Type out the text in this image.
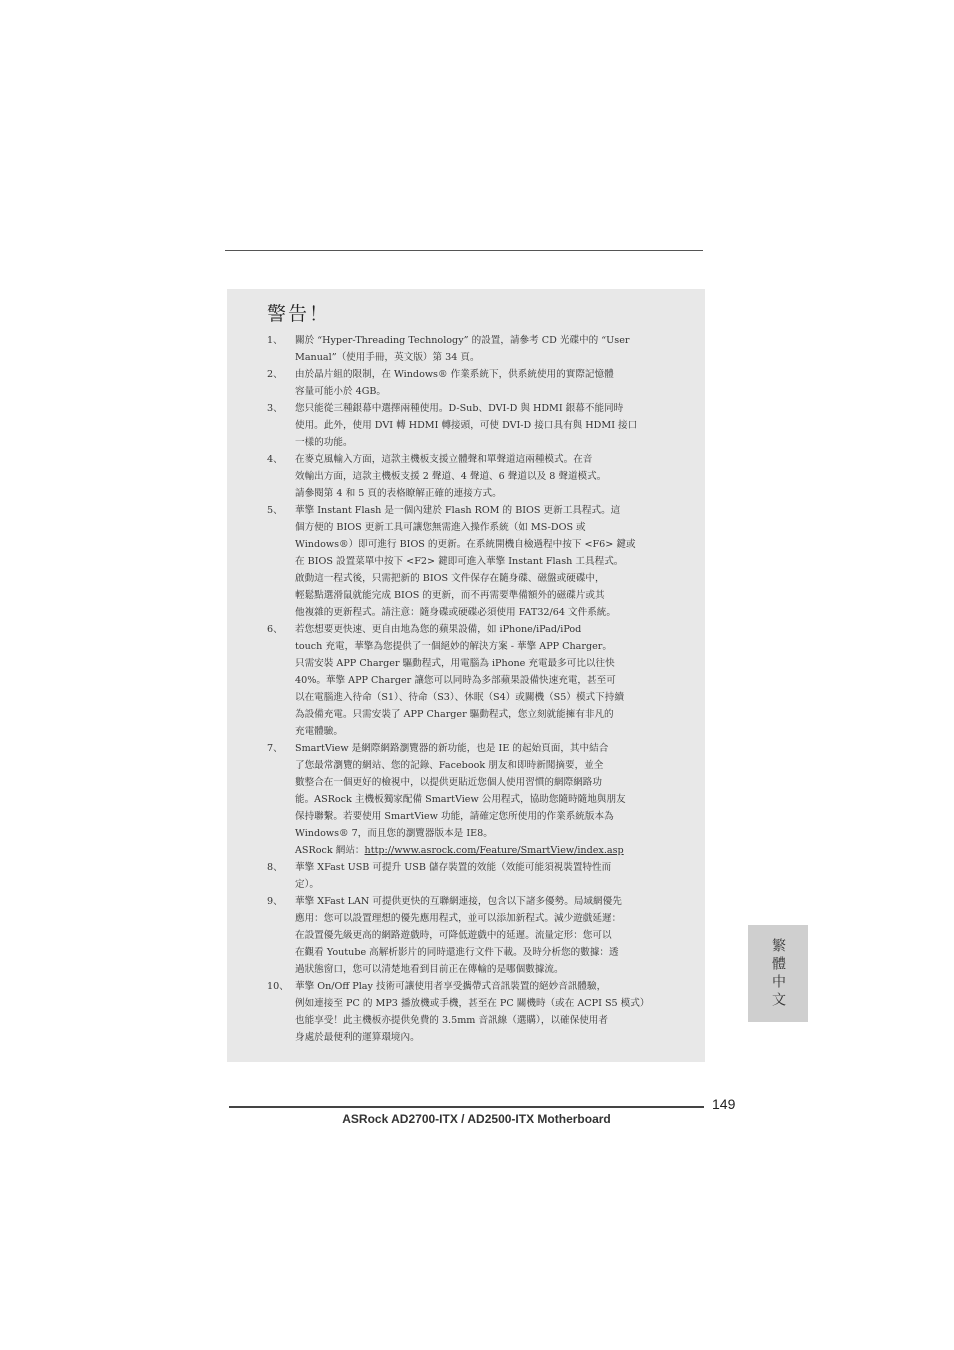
警告！
1、 關於 “Hyper-Threading Technology” 的設置，請參考 CD 光碟中的 “User
Manual”（使用手冊，英文版）第 34 頁。
2、 由於晶片組的限制，在 Windows® 作業系統下，供系統使用的實際記憶體
容量可能小於 4GB。
3、 您只能從三種銀幕中選擇兩種使用。D-Sub、DVI-D 與 HDMI 銀幕不能同時
使用。此外，使用 DVI 轉 HDMI 轉接頭，可使 DVI-D 接口具有與 HDMI 接口
一樣的功能。
4、 在麥克風輸入方面，這款主機板支援立體聲和單聲道這兩種模式。在音
效輸出方面，這款主機板支援 2 聲道、4 聲道、6 聲道以及 8 聲道模式。
請參閱第 4 和 5 頁的表格瞭解正確的連接方式。
5、 華擎 Instant Flash 是一個內建於 Flash ROM 的 BIOS 更新工具程式。這
個方便的 BIOS 更新工具可讓您無需進入操作系統（如 MS-DOS 或
Windows®）即可進行 BIOS 的更新。在系統開機自檢過程中按下 <F6> 鍵或
在 BIOS 設置菜單中按下 <F2> 鍵即可進入華擎 Instant Flash 工具程式。
啟動這一程式後，只需把新的 BIOS 文件保存在隨身碟、磁盤或硬碟中，
輕鬆點選滑鼠就能完成 BIOS 的更新，而不再需要準備額外的磁碟片或其
他複雜的更新程式。請注意：隨身碟或硬碟必須使用 FAT32/64 文件系統。
6、 若您想要更快速、更自由地為您的蘋果設備，如 iPhone/iPad/iPod
touch 充電，華擎為您提供了一個絕妙的解決方案 - 華擎 APP Charger。
只需安裝 APP Charger 驅動程式，用電腦為 iPhone 充電最多可比以往快
40%。華擎 APP Charger 讓您可以同時為多部蘋果設備快速充電，甚至可
以在電腦進入待命（S1）、待命（S3）、休眠（S4）或關機（S5）模式下持續
為設備充電。只需安裝了 APP Charger 驅動程式，您立刻就能擁有非凡的
充電體驗。
7、 SmartView 是網際網路瀏覽器的新功能，也是 IE 的起始頁面，其中結合
了您最常瀏覽的網站、您的記錄、Facebook 朋友和即時新聞摘要，並全
數整合在一個更好的檢視中，以提供更貼近您個人使用習慣的網際網路功
能。ASRock 主機板獨家配備 SmartView 公用程式，協助您隨時隨地與朋友
保持聯繫。若要使用 SmartView 功能，請確定您所使用的作業系統版本為
Windows® 7，而且您的瀏覽器版本是 IE8。
ASRock 網站：http://www.asrock.com/Feature/SmartView/index.asp
8、 華擎 XFast USB 可提升 USB 儲存裝置的效能（效能可能須視裝置特性而
定）。
9、 華擎 XFast LAN 可提供更快的互聯網連接，包含以下諸多優勢。局域網優先
應用：您可以設置理想的優先應用程式，並可以添加新程式。減少遊戲延遲：
在設置優先級更高的網路遊戲時，可降低遊戲中的延遲。流量定形：您可以
在觀看 Youtube 高解析影片的同時還進行文件下載。及時分析您的數據：透
過狀態窗口，您可以清楚地看到目前正在傳輸的是哪個數據流。
10、 華擎 On/Off Play 技術可讓使用者享受攜帶式音訊裝置的絕妙音訊體驗，
例如連接至 PC 的 MP3 播放機或手機，甚至在 PC 關機時（或在 ACPI S5 模式）
也能享受！此主機板亦提供免費的 3.5mm 音訊線（選購），以確保使用者
身處於最便利的運算環境內。
繁體中文
149
ASRock AD2700-ITX / AD2500-ITX Motherboard
